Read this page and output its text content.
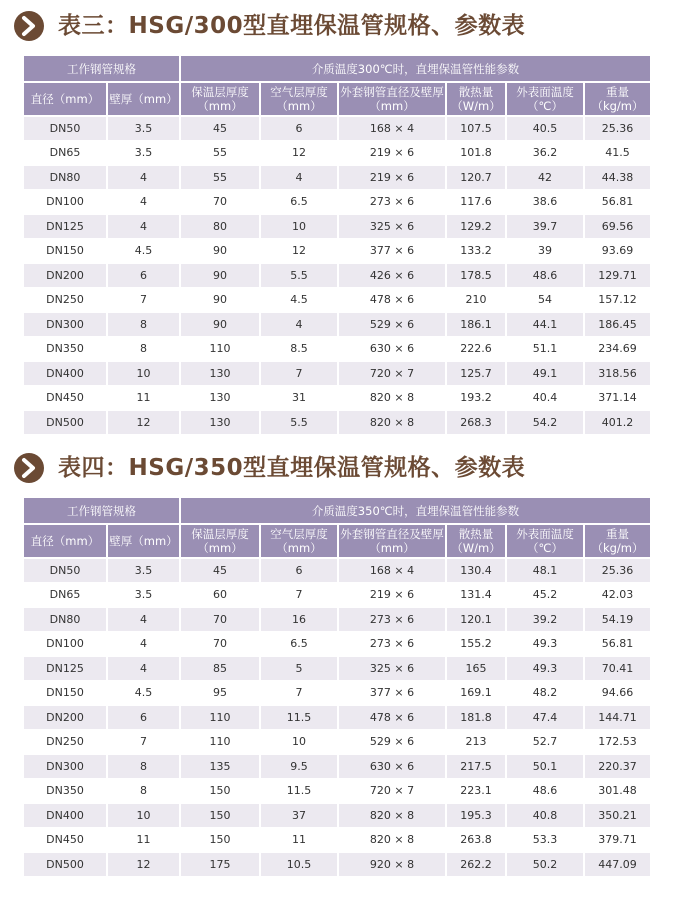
表三：HSG/300型直埋保温管规格、参数表
工作钢管规格		介质温度300℃时，直埋保温管性能参数					
直径（mm）	壁厚（mm）	保温层厚度（mm）	空气层厚度（mm）	外套钢管直径及壁厚（mm）	散热量（W/m）	外表面温度（℃）	重量（kg/m）
DN50	3.5	45	6	168 × 4	107.5	40.5	25.36
DN65	3.5	55	12	219 × 6	101.8	36.2	41.5
DN80	4	55	4	219 × 6	120.7	42	44.38
DN100	4	70	6.5	273 × 6	117.6	38.6	56.81
DN125	4	80	10	325 × 6	129.2	39.7	69.56
DN150	4.5	90	12	377 × 6	133.2	39	93.69
DN200	6	90	5.5	426 × 6	178.5	48.6	129.71
DN250	7	90	4.5	478 × 6	210	54	157.12
DN300	8	90	4	529 × 6	186.1	44.1	186.45
DN350	8	110	8.5	630 × 6	222.6	51.1	234.69
DN400	10	130	7	720 × 7	125.7	49.1	318.56
DN450	11	130	31	820 × 8	193.2	40.4	371.14
DN500	12	130	5.5	820 × 8	268.3	54.2	401.2
表四：HSG/350型直埋保温管规格、参数表
工作钢管规格		介质温度350℃时，直埋保温管性能参数					
直径（mm）	壁厚（mm）	保温层厚度（mm）	空气层厚度（mm）	外套钢管直径及壁厚（mm）	散热量（W/m）	外表面温度（℃）	重量（kg/m）
DN50	3.5	45	6	168 × 4	130.4	48.1	25.36
DN65	3.5	60	7	219 × 6	131.4	45.2	42.03
DN80	4	70	16	273 × 6	120.1	39.2	54.19
DN100	4	70	6.5	273 × 6	155.2	49.3	56.81
DN125	4	85	5	325 × 6	165	49.3	70.41
DN150	4.5	95	7	377 × 6	169.1	48.2	94.66
DN200	6	110	11.5	478 × 6	181.8	47.4	144.71
DN250	7	110	10	529 × 6	213	52.7	172.53
DN300	8	135	9.5	630 × 6	217.5	50.1	220.37
DN350	8	150	11.5	720 × 7	223.1	48.6	301.48
DN400	10	150	37	820 × 8	195.3	40.8	350.21
DN450	11	150	11	820 × 8	263.8	53.3	379.71
DN500	12	175	10.5	920 × 8	262.2	50.2	447.09
